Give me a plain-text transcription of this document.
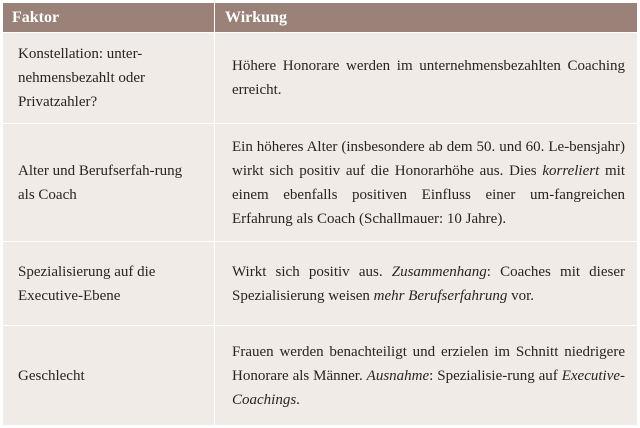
Faktor	Wirkung
Konstellation: unter-nehmensbezahlt oder Privatzahler?
Höhere Honorare werden im unternehmensbezahlten Coaching erreicht.
Alter und Berufserfah-rung als Coach
Ein höheres Alter (insbesondere ab dem 50. und 60. Le-bensjahr) wirkt sich positiv auf die Honorarhöhe aus. Dies korreliert mit einem ebenfalls positiven Einfluss einer um-fangreichen Erfahrung als Coach (Schallmauer: 10 Jahre).
Spezialisierung auf die Executive-Ebene
Wirkt sich positiv aus. Zusammenhang: Coaches mit dieser Spezialisierung weisen mehr Berufserfahrung vor.
Geschlecht
Frauen werden benachteiligt und erzielen im Schnitt niedrigere Honorare als Männer. Ausnahme: Spezialisie-rung auf Executive-Coachings.
